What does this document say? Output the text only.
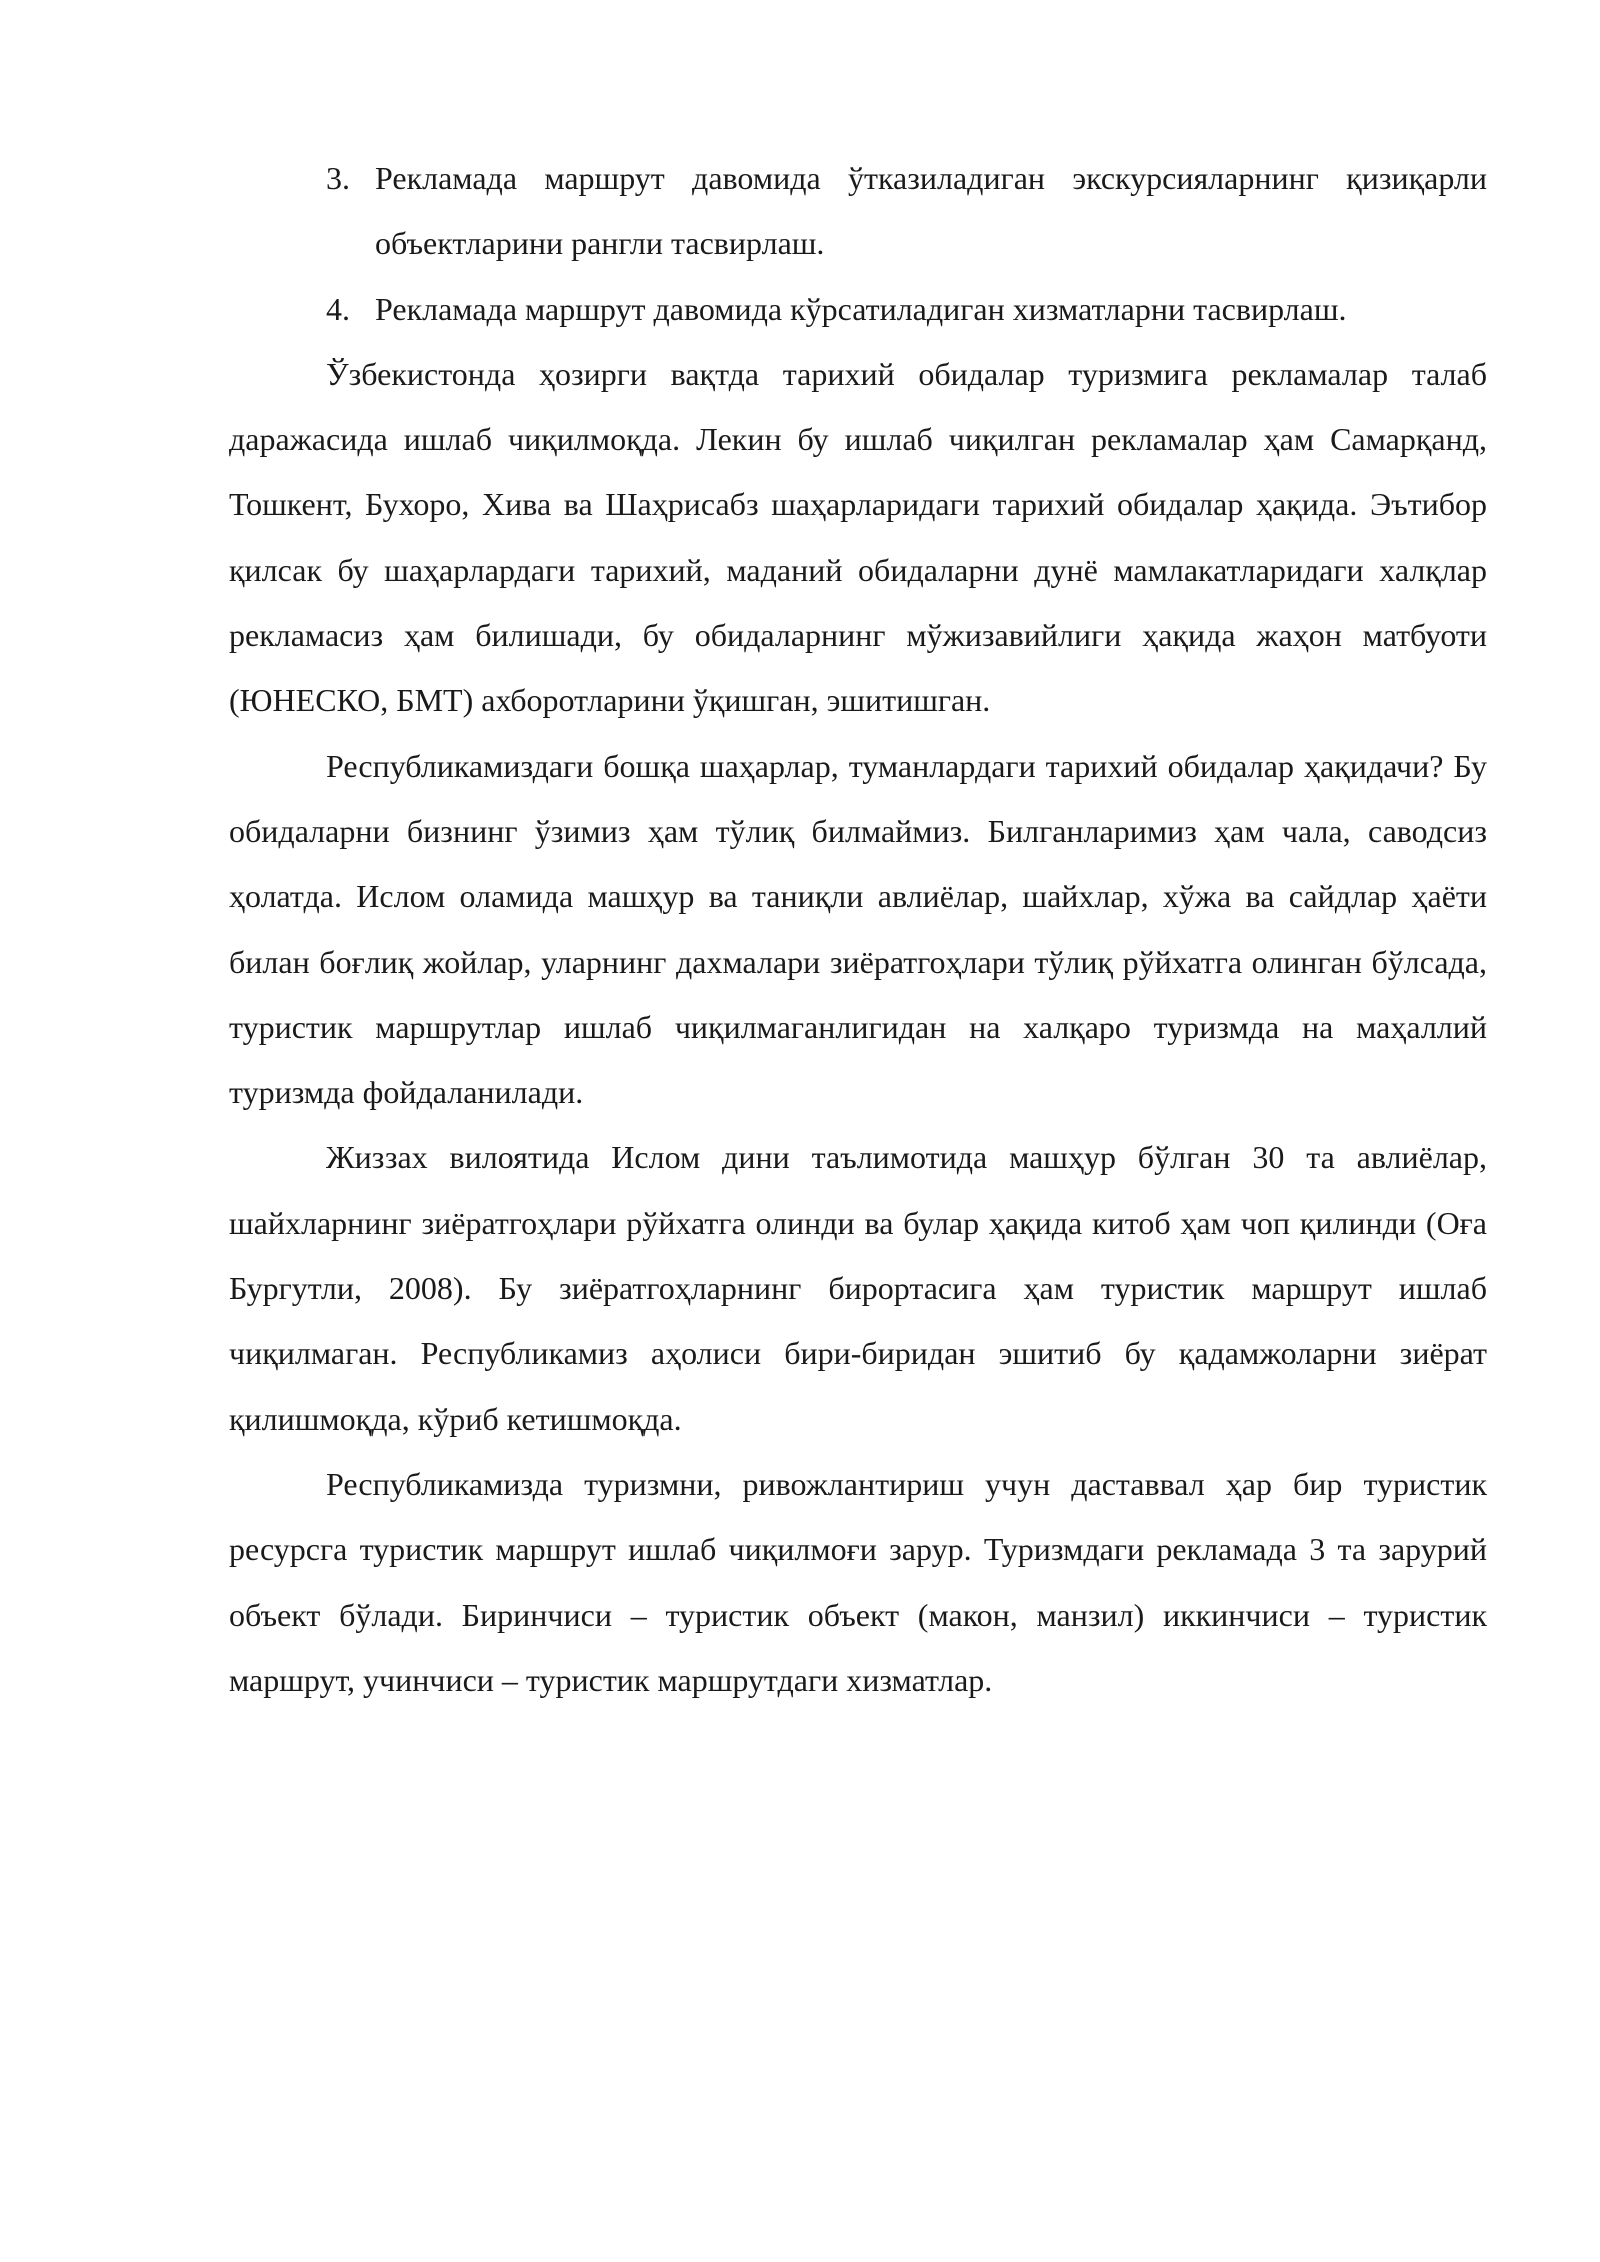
3. Рекламада маршрут давомида ўтказиладиган экскурсияларнинг қизиқарли объектларини рангли тасвирлаш.
4. Рекламада маршрут давомида кўрсатиладиган хизматларни тасвирлаш.

Ўзбекистонда ҳозирги вақтда тарихий обидалар туризмига рекламалар талаб даражасида ишлаб чиқилмоқда. Лекин бу ишлаб чиқилган рекламалар ҳам Самарқанд, Тошкент, Бухоро, Хива ва Шаҳрисабз шаҳарларидаги тарихий обидалар ҳақида. Эътибор қилсак бу шаҳарлардаги тарихий, маданий обидаларни дунё мамлакатларидаги халқлар рекламасиз ҳам билишади, бу обидаларнинг мўжизавийлиги ҳақида жаҳон матбуоти (ЮНЕСКО, БМТ) ахборотларини ўқишган, эшитишган.

Республикамиздаги бошқа шаҳарлар, туманлардаги тарихий обидалар ҳақидачи? Бу обидаларни бизнинг ўзимиз ҳам тўлиқ билмаймиз. Билганларимиз ҳам чала, саводсиз ҳолатда. Ислом оламида машҳур ва таниқли авлиёлар, шайхлар, хўжа ва сайдлар ҳаёти билан боғлиқ жойлар, уларнинг дахмалари зиёратгоҳлари тўлиқ рўйхатга олинган бўлсада, туристик маршрутлар ишлаб чиқилмаганлигидан на халқаро туризмда на маҳаллий туризмда фойдаланилади.

Жиззах вилоятида Ислом дини таълимотида машҳур бўлган 30 та авлиёлар, шайхларнинг зиёратгоҳлари рўйхатга олинди ва булар ҳақида китоб ҳам чоп қилинди (Оға Бургутли, 2008). Бу зиёратгоҳларнинг бирортасига ҳам туристик маршрут ишлаб чиқилмаган. Республикамиз аҳолиси бири-биридан эшитиб бу қадамжоларни зиёрат қилишмоқда, кўриб кетишмоқда.

Республикамизда туризмни, ривожлантириш учун даставвал ҳар бир туристик ресурсга туристик маршрут ишлаб чиқилмоғи зарур. Туризмдаги рекламада 3 та зарурий объект бўлади. Биринчиси – туристик объект (макон, манзил) иккинчиси – туристик маршрут, учинчиси – туристик маршрутдаги хизматлар.
